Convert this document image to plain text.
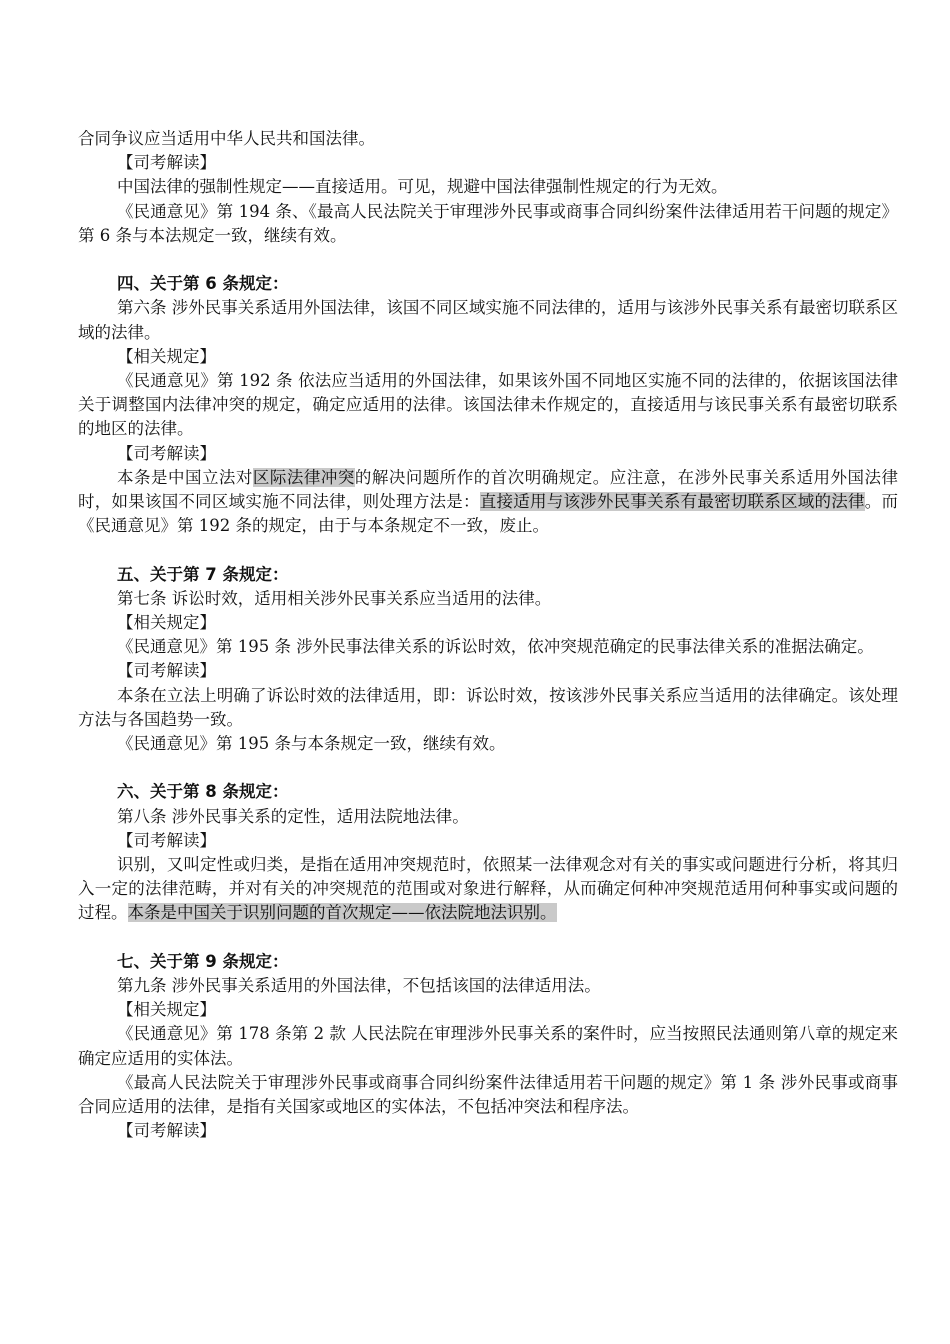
合同争议应当适用中华人民共和国法律。

【司考解读】

中国法律的强制性规定——直接适用。可见，规避中国法律强制性规定的行为无效。

《民通意见》第 194 条、《最高人民法院关于审理涉外民事或商事合同纠纷案件法律适用若干问题的规定》第 6 条与本法规定一致，继续有效。

四、关于第 6 条规定：

第六条 涉外民事关系适用外国法律，该国不同区域实施不同法律的，适用与该涉外民事关系有最密切联系区域的法律。

【相关规定】

《民通意见》第 192 条 依法应当适用的外国法律，如果该外国不同地区实施不同的法律的，依据该国法律关于调整国内法律冲突的规定，确定应适用的法律。该国法律未作规定的，直接适用与该民事关系有最密切联系的地区的法律。

【司考解读】

本条是中国立法对区际法律冲突的解决问题所作的首次明确规定。应注意，在涉外民事关系适用外国法律时，如果该国不同区域实施不同法律，则处理方法是：直接适用与该涉外民事关系有最密切联系区域的法律。而《民通意见》第 192 条的规定，由于与本条规定不一致，废止。

五、关于第 7 条规定：

第七条 诉讼时效，适用相关涉外民事关系应当适用的法律。

【相关规定】

《民通意见》第 195 条 涉外民事法律关系的诉讼时效，依冲突规范确定的民事法律关系的准据法确定。

【司考解读】

本条在立法上明确了诉讼时效的法律适用，即：诉讼时效，按该涉外民事关系应当适用的法律确定。该处理方法与各国趋势一致。

《民通意见》第 195 条与本条规定一致，继续有效。

六、关于第 8 条规定：

第八条 涉外民事关系的定性，适用法院地法律。

【司考解读】

识别，又叫定性或归类，是指在适用冲突规范时，依照某一法律观念对有关的事实或问题进行分析，将其归入一定的法律范畴，并对有关的冲突规范的范围或对象进行解释，从而确定何种冲突规范适用何种事实或问题的过程。本条是中国关于识别问题的首次规定——依法院地法识别。

七、关于第 9 条规定：

第九条 涉外民事关系适用的外国法律，不包括该国的法律适用法。

【相关规定】

《民通意见》第 178 条第 2 款 人民法院在审理涉外民事关系的案件时，应当按照民法通则第八章的规定来确定应适用的实体法。

《最高人民法院关于审理涉外民事或商事合同纠纷案件法律适用若干问题的规定》第 1 条 涉外民事或商事合同应适用的法律，是指有关国家或地区的实体法，不包括冲突法和程序法。

【司考解读】
